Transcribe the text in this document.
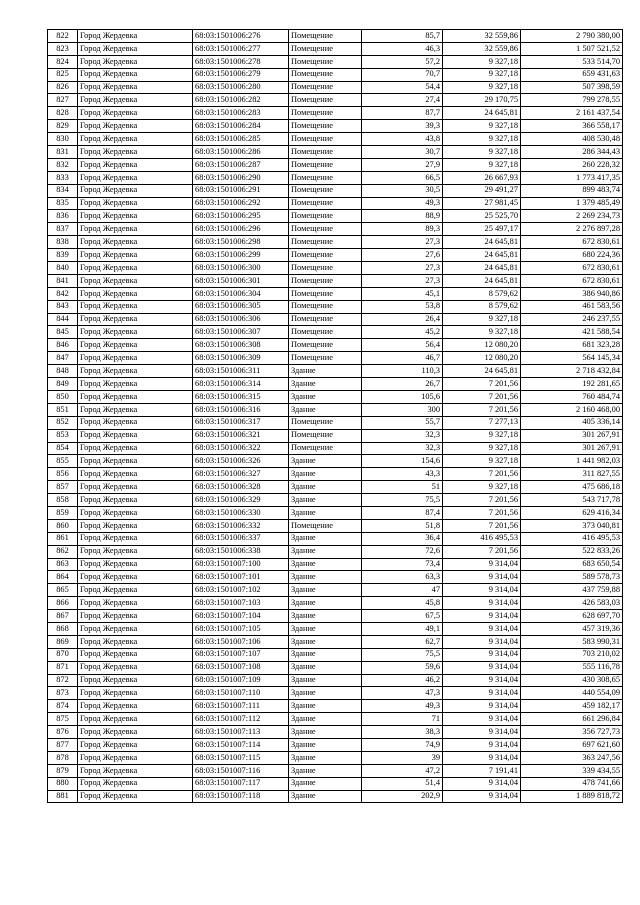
822	Город Жердевка	68:03:1501006:276	Помещение	85,7	32 559,86	2 790 380,00
823	Город Жердевка	68:03:1501006:277	Помещение	46,3	32 559,86	1 507 521,52
824	Город Жердевка	68:03:1501006:278	Помещение	57,2	9 327,18	533 514,70
825	Город Жердевка	68:03:1501006:279	Помещение	70,7	9 327,18	659 431,63
826	Город Жердевка	68:03:1501006:280	Помещение	54,4	9 327,18	507 398,59
827	Город Жердевка	68:03:1501006:282	Помещение	27,4	29 170,75	799 278,55
828	Город Жердевка	68:03:1501006:283	Помещение	87,7	24 645,81	2 161 437,54
829	Город Жердевка	68:03:1501006:284	Помещение	39,3	9 327,18	366 558,17
830	Город Жердевка	68:03:1501006:285	Помещение	43,8	9 327,18	408 530,48
831	Город Жердевка	68:03:1501006:286	Помещение	30,7	9 327,18	286 344,43
832	Город Жердевка	68:03:1501006:287	Помещение	27,9	9 327,18	260 228,32
833	Город Жердевка	68:03:1501006:290	Помещение	66,5	26 667,93	1 773 417,35
834	Город Жердевка	68:03:1501006:291	Помещение	30,5	29 491,27	899 483,74
835	Город Жердевка	68:03:1501006:292	Помещение	49,3	27 981,45	1 379 485,49
836	Город Жердевка	68:03:1501006:295	Помещение	88,9	25 525,70	2 269 234,73
837	Город Жердевка	68:03:1501006:296	Помещение	89,3	25 497,17	2 276 897,28
838	Город Жердевка	68:03:1501006:298	Помещение	27,3	24 645,81	672 830,61
839	Город Жердевка	68:03:1501006:299	Помещение	27,6	24 645,81	680 224,36
840	Город Жердевка	68:03:1501006:300	Помещение	27,3	24 645,81	672 830,61
841	Город Жердевка	68:03:1501006:301	Помещение	27,3	24 645,81	672 830,61
842	Город Жердевка	68:03:1501006:304	Помещение	45,1	8 579,62	386 940,86
843	Город Жердевка	68:03:1501006:305	Помещение	53,8	8 579,62	461 583,56
844	Город Жердевка	68:03:1501006:306	Помещение	26,4	9 327,18	246 237,55
845	Город Жердевка	68:03:1501006:307	Помещение	45,2	9 327,18	421 588,54
846	Город Жердевка	68:03:1501006:308	Помещение	56,4	12 080,20	681 323,28
847	Город Жердевка	68:03:1501006:309	Помещение	46,7	12 080,20	564 145,34
848	Город Жердевка	68:03:1501006:311	Здание	110,3	24 645,81	2 718 432,84
849	Город Жердевка	68:03:1501006:314	Здание	26,7	7 201,56	192 281,65
850	Город Жердевка	68:03:1501006:315	Здание	105,6	7 201,56	760 484,74
851	Город Жердевка	68:03:1501006:316	Здание	300	7 201,56	2 160 468,00
852	Город Жердевка	68:03:1501006:317	Помещение	55,7	7 277,13	405 336,14
853	Город Жердевка	68:03:1501006:321	Помещение	32,3	9 327,18	301 267,91
854	Город Жердевка	68:03:1501006:322	Помещение	32,3	9 327,18	301 267,91
855	Город Жердевка	68:03:1501006:326	Здание	154,6	9 327,18	1 441 982,03
856	Город Жердевка	68:03:1501006:327	Здание	43,3	7 201,56	311 827,55
857	Город Жердевка	68:03:1501006:328	Здание	51	9 327,18	475 686,18
858	Город Жердевка	68:03:1501006:329	Здание	75,5	7 201,56	543 717,78
859	Город Жердевка	68:03:1501006:330	Здание	87,4	7 201,56	629 416,34
860	Город Жердевка	68:03:1501006:332	Помещение	51,8	7 201,56	373 040,81
861	Город Жердевка	68:03:1501006:337	Здание	36,4	416 495,53	416 495,53
862	Город Жердевка	68:03:1501006:338	Здание	72,6	7 201,56	522 833,26
863	Город Жердевка	68:03:1501007:100	Здание	73,4	9 314,04	683 650,54
864	Город Жердевка	68:03:1501007:101	Здание	63,3	9 314,04	589 578,73
865	Город Жердевка	68:03:1501007:102	Здание	47	9 314,04	437 759,88
866	Город Жердевка	68:03:1501007:103	Здание	45,8	9 314,04	426 583,03
867	Город Жердевка	68:03:1501007:104	Здание	67,5	9 314,04	628 697,70
868	Город Жердевка	68:03:1501007:105	Здание	49,1	9 314,04	457 319,36
869	Город Жердевка	68:03:1501007:106	Здание	62,7	9 314,04	583 990,31
870	Город Жердевка	68:03:1501007:107	Здание	75,5	9 314,04	703 210,02
871	Город Жердевка	68:03:1501007:108	Здание	59,6	9 314,04	555 116,78
872	Город Жердевка	68:03:1501007:109	Здание	46,2	9 314,04	430 308,65
873	Город Жердевка	68:03:1501007:110	Здание	47,3	9 314,04	440 554,09
874	Город Жердевка	68:03:1501007:111	Здание	49,3	9 314,04	459 182,17
875	Город Жердевка	68:03:1501007:112	Здание	71	9 314,04	661 296,84
876	Город Жердевка	68:03:1501007:113	Здание	38,3	9 314,04	356 727,73
877	Город Жердевка	68:03:1501007:114	Здание	74,9	9 314,04	697 621,60
878	Город Жердевка	68:03:1501007:115	Здание	39	9 314,04	363 247,56
879	Город Жердевка	68:03:1501007:116	Здание	47,2	7 191,41	339 434,55
880	Город Жердевка	68:03:1501007:117	Здание	51,4	9 314,04	478 741,66
881	Город Жердевка	68:03:1501007:118	Здание	202,9	9 314,04	1 889 818,72
